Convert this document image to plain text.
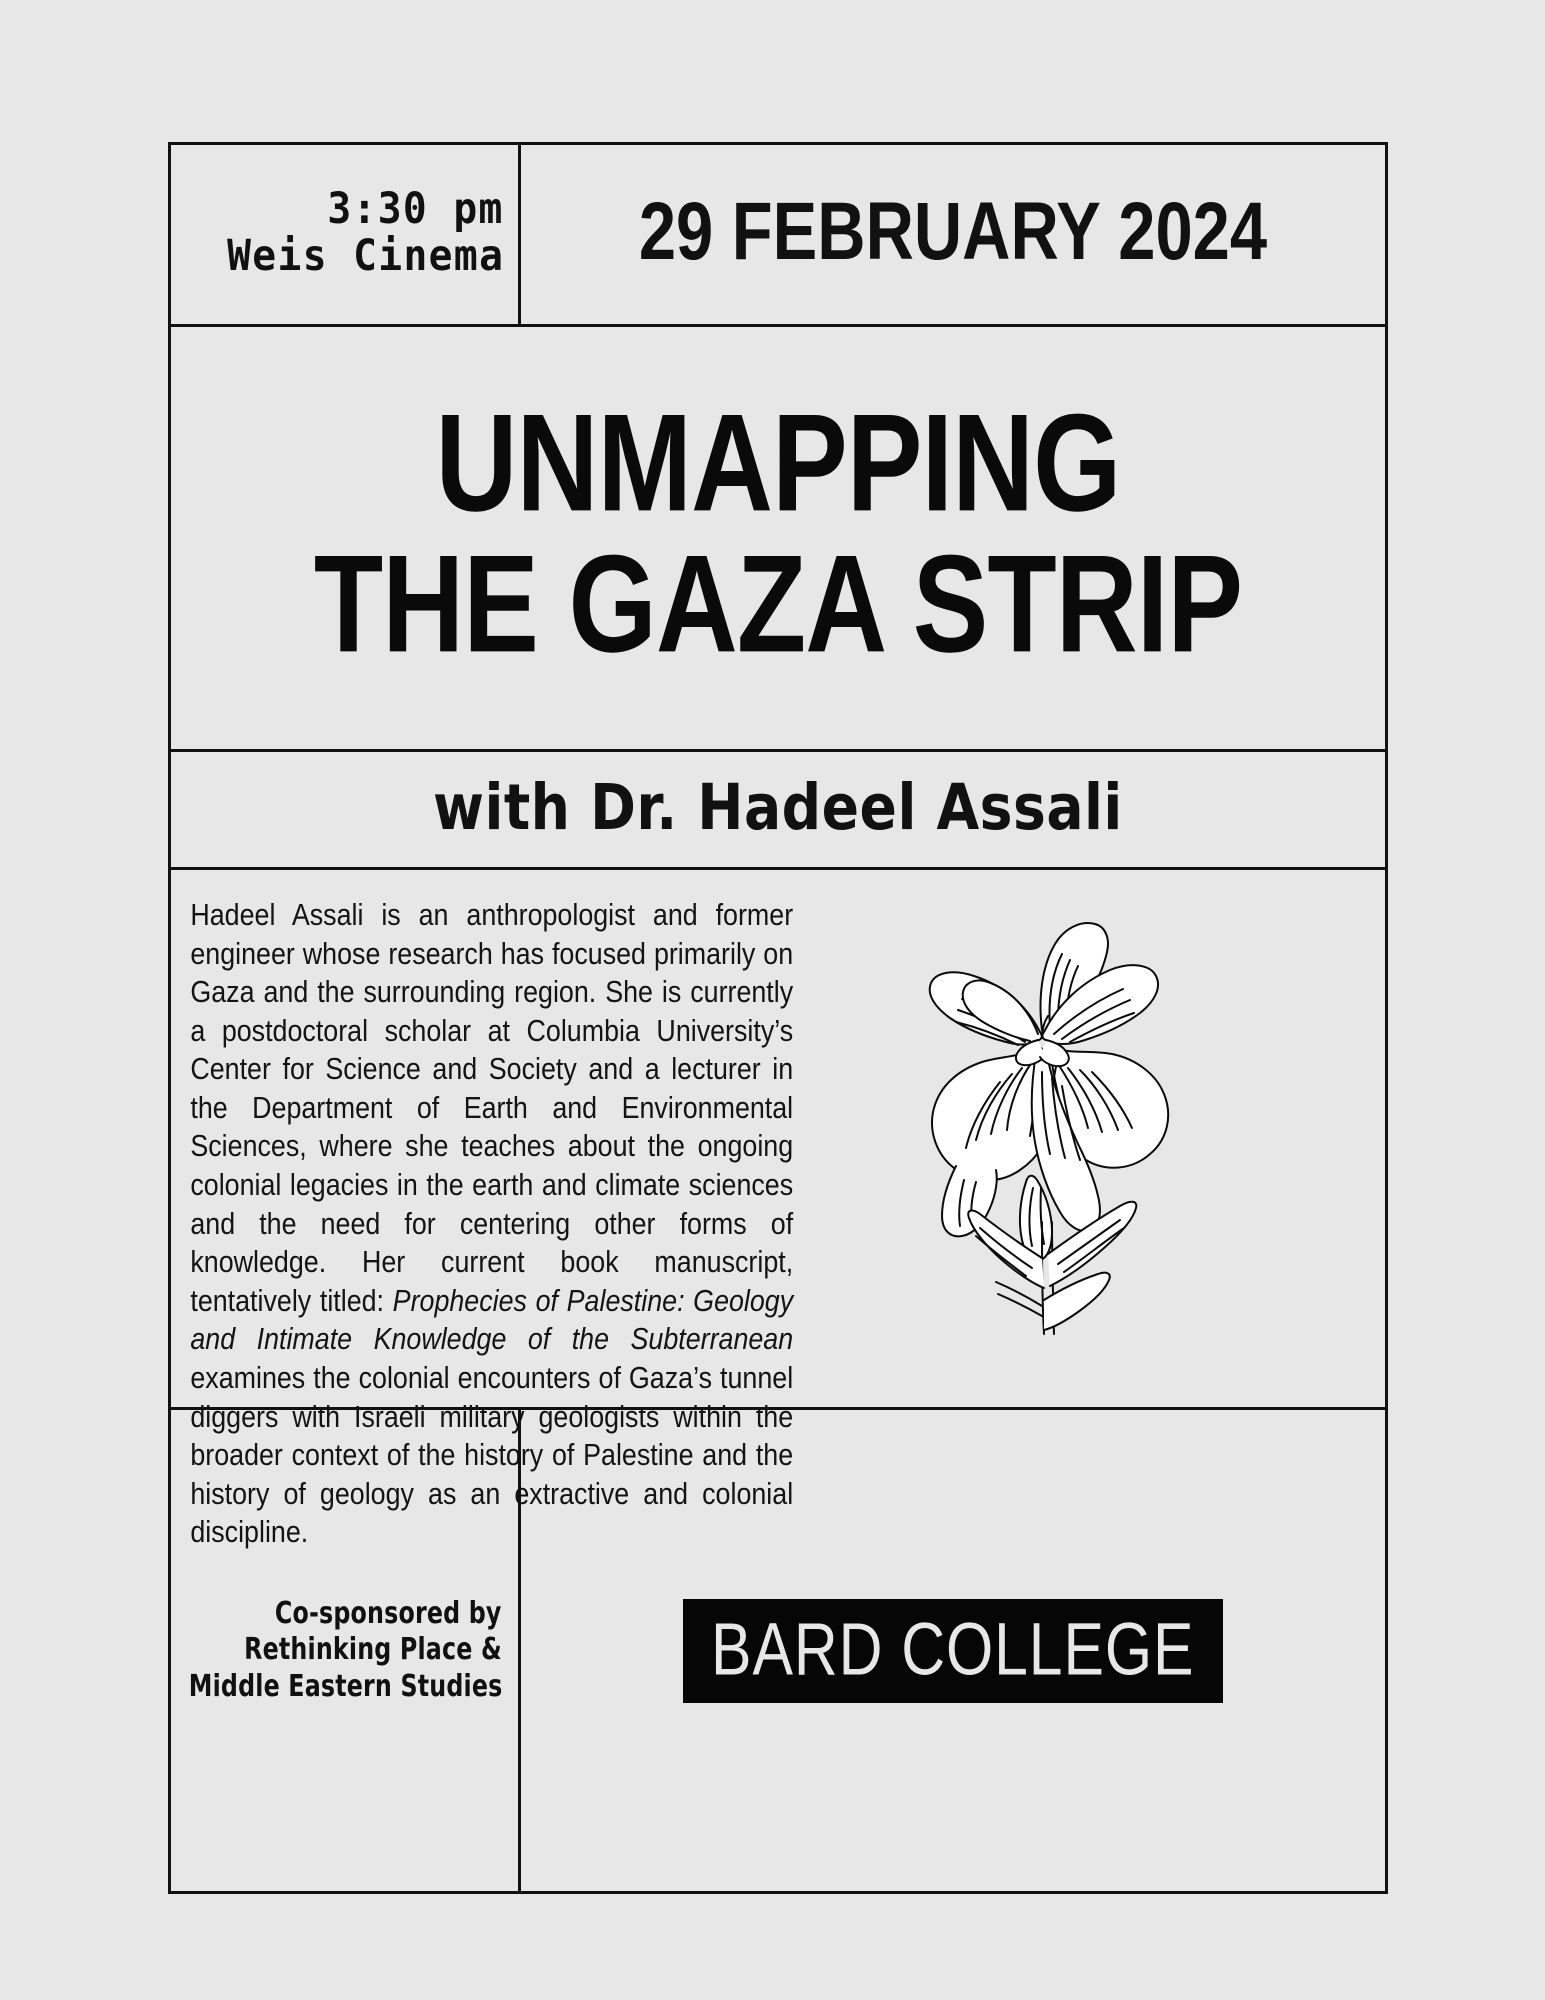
3:30 pm
Weis Cinema 29 FEBRUARY 2024
UNMAPPING
THE GAZA STRIP
with Dr. Hadeel Assali
Hadeel Assali is an anthropologist and former engineer whose research has focused primarily on Gaza and the surrounding region. She is currently a postdoctoral scholar at Columbia University’s Center for Science and Society and a lecturer in the Department of Earth and Environmental Sciences, where she teaches about the ongoing colonial legacies in the earth and climate sciences and the need for centering other forms of knowledge. Her current book manuscript, tentatively titled: Prophecies of Palestine: Geology and Intimate Knowledge of the Subterranean examines the colonial encounters of Gaza’s tunnel diggers with Israeli military geologists within the broader context of the history of Palestine and the history of geology as an extractive and colonial discipline.
Co-sponsored by
Rethinking Place &
Middle Eastern Studies	BARD COLLEGE
